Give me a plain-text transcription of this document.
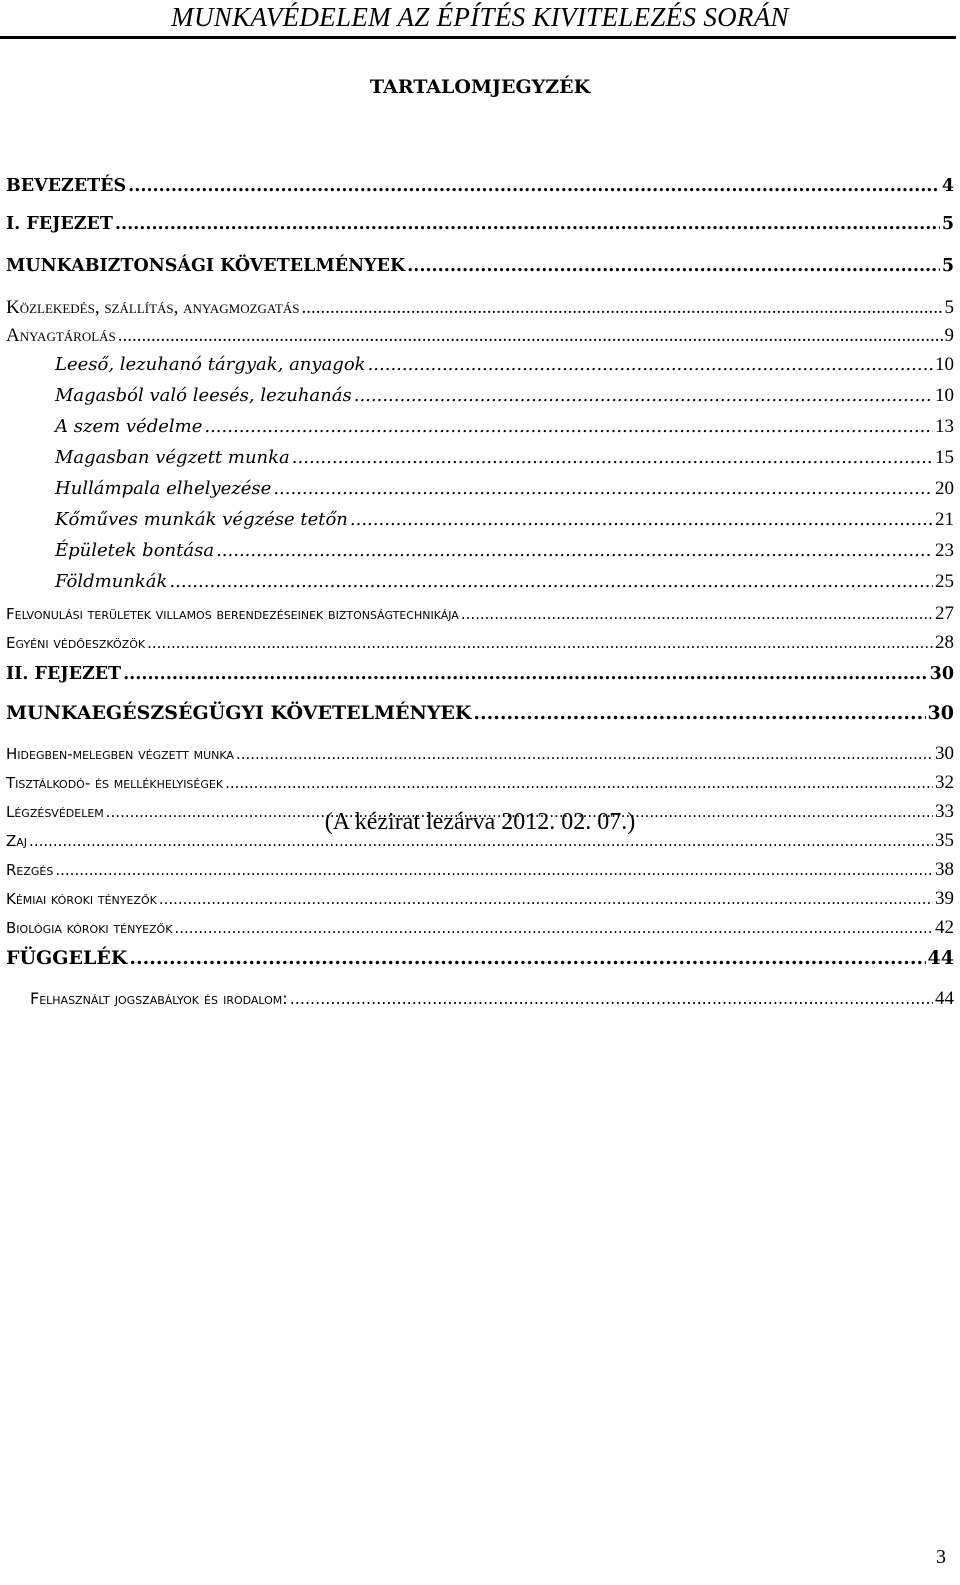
MUNKAVÉDELEM AZ ÉPÍTÉS KIVITELEZÉS SORÁN
TARTALOMJEGYZÉK
BEVEZETÉS .....	4
I. FEJEZET .....	5
MUNKABIZTONSÁGI KÖVETELMÉNYEK .....	5
Közlekedés, szállítás, anyagmozgatás .....	5
Anyagtárolás .....	9
Leeső, lezuhanó tárgyak, anyagok .....	10
Magasból való leesés, lezuhanás .....	10
A szem védelme .....	13
Magasban végzett munka .....	15
Hullámpala elhelyezése .....	20
Kőműves munkák végzése tetőn .....	21
Épületek bontása .....	23
Földmunkák .....	25
Felvonulási területek villamos berendezéseinek biztonságtechnikája .....	27
Egyéni védőeszközök .....	28
II. FEJEZET .....	30
MUNKAEGÉSZSÉGÜGYI KÖVETELMÉNYEK .....	30
Hidegben-melegben végzett munka .....	30
Tisztálkodó- és mellékhelyiségek .....	32
Légzésvédelem .....	33
Zaj .....	35
Rezgés .....	38
Kémiai kóroki tényezők .....	39
Biológia kóroki tényezők .....	42
FÜGGELÉK .....	44
Felhasznált jogszabályok és irodalom: .....	44
(A kézirat lezárva 2012. 02. 07.)
3
